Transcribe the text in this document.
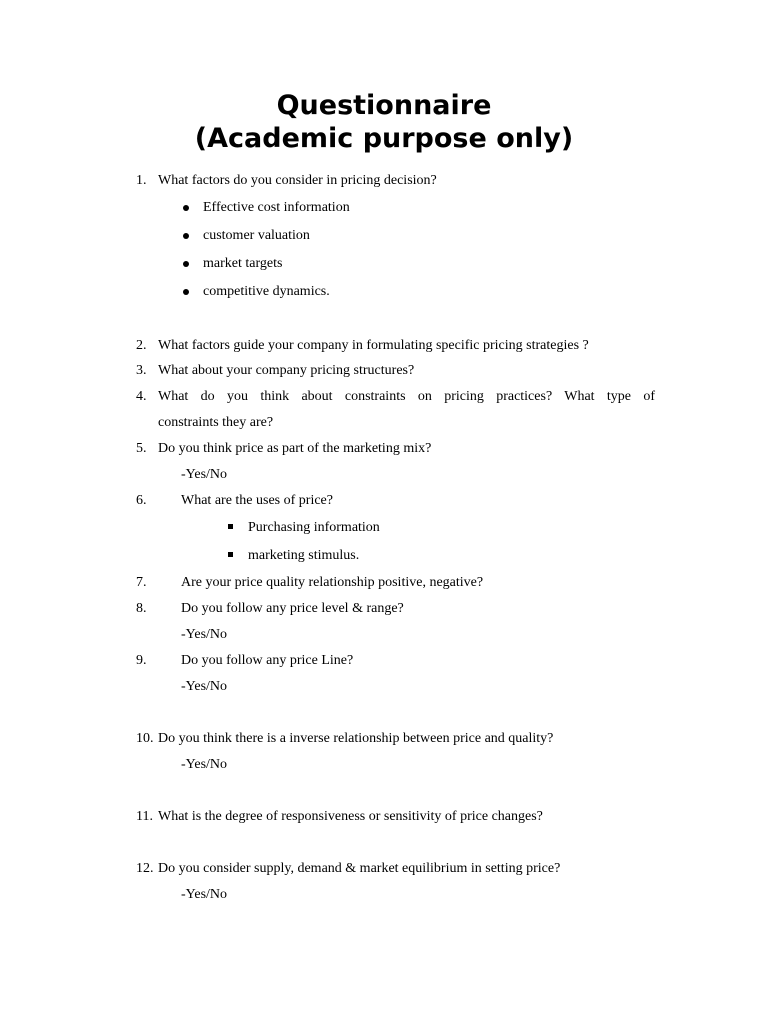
Questionnaire
(Academic purpose only)
1. What factors do you consider in pricing decision?
Effective cost information
customer valuation
market targets
competitive dynamics.
2. What factors guide your company in formulating specific pricing strategies ?
3. What about your company pricing structures?
4. What do you think about constraints on pricing practices? What type of
constraints they are?
5. Do you think price as part of the marketing mix?
-Yes/No
6. What are the uses of price?
Purchasing information
marketing stimulus.
7. Are your price quality relationship positive, negative?
8. Do you follow any price level & range?
-Yes/No
9. Do you follow any price Line?
-Yes/No
10. Do you think there is a inverse relationship between price and quality?
-Yes/No
11. What is the degree of responsiveness or sensitivity of price changes?
12. Do you consider supply, demand & market equilibrium in setting price?
-Yes/No
